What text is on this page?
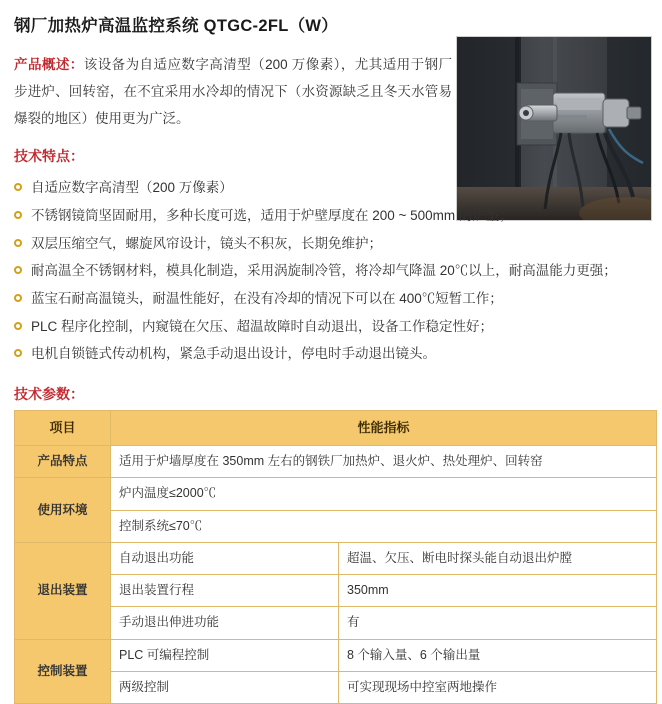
钢厂加热炉高温监控系统 QTGC-2FL（W）
产品概述：该设备为自适应数字高清型（200 万像素），尤其适用于钢厂步进炉、回转窑，在不宜采用水冷却的情况下（水资源缺乏且冬天水管易爆裂的地区）使用更为广泛。
技术特点：
自适应数字高清型（200 万像素）
不锈钢镜筒坚固耐用，多种长度可选，适用于炉壁厚度在 200 ~ 500mm 的炉型；
双层压缩空气，螺旋风帘设计，镜头不积灰，长期免维护；
耐高温全不锈钢材料，模具化制造，采用涡旋制冷管，将冷却气降温 20℃以上，耐高温能力更强；
蓝宝石耐高温镜头，耐温性能好，在没有冷却的情况下可以在 400℃短暂工作；
PLC 程序化控制，内窥镜在欠压、超温故障时自动退出，设备工作稳定性好；
电机自锁链式传动机构，紧急手动退出设计，停电时手动退出镜头。
技术参数：
项目	性能指标	
产品特点	适用于炉墙厚度在 350mm 左右的钢铁厂加热炉、退火炉、热处理炉、回转窑	
使用环境	炉内温度≤2000℃	
	控制系统≤70℃	
退出装置	自动退出功能	超温、欠压、断电时探头能自动退出炉膛
	退出装置行程	350mm
	手动退出伸进功能	有
控制装置	PLC 可编程控制	8 个输入量、6 个输出量
	两级控制	可实现现场中控室两地操作
